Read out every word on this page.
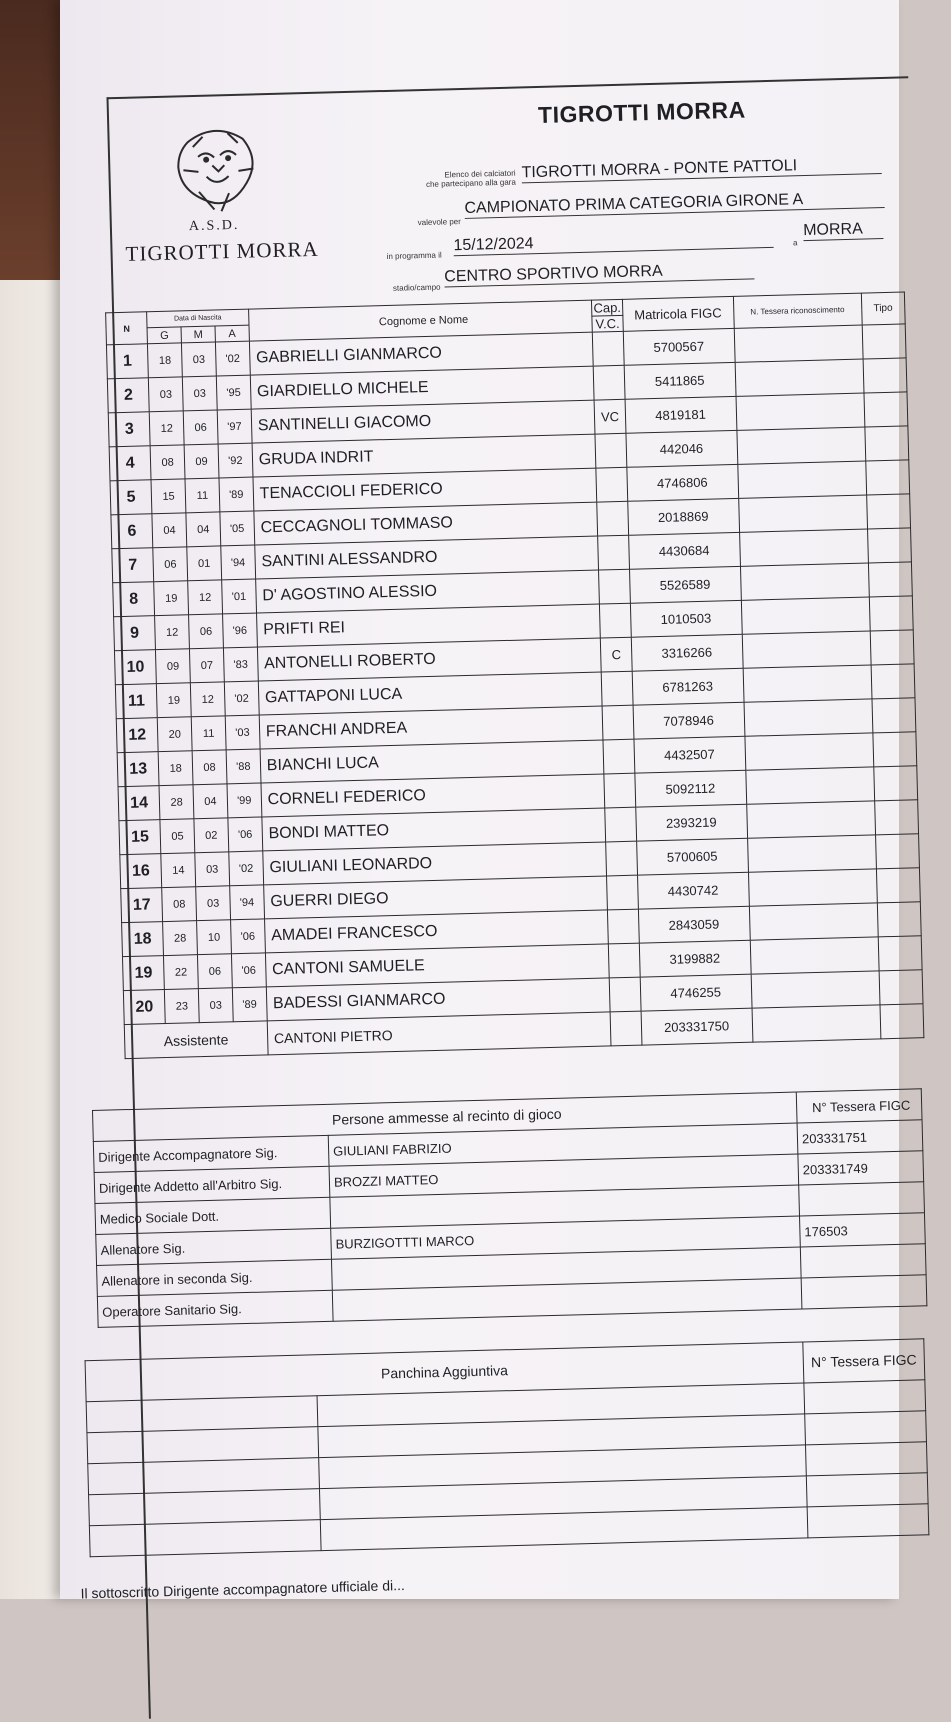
TIGROTTI MORRA
A.S.D.
TIGROTTI MORRA
Elenco dei calciatori
che partecipano alla gara
TIGROTTI MORRA - PONTE PATTOLI
valevole per
CAMPIONATO PRIMA CATEGORIA GIRONE A
in programma il
15/12/2024	a
MORRA
stadio/campo
CENTRO SPORTIVO MORRA
N	Data di Nascita			Cognome e Nome	Cap.	Matricola FIGC	N. Tessera riconoscimento	Tipo
	G	M	A		V.C.			
1	18	03	'02	GABRIELLI GIANMARCO		5700567		
2	03	03	'95	GIARDIELLO MICHELE		5411865		
3	12	06	'97	SANTINELLI GIACOMO	VC	4819181		
4	08	09	'92	GRUDA INDRIT		442046		
5	15	11	'89	TENACCIOLI FEDERICO		4746806		
6	04	04	'05	CECCAGNOLI TOMMASO		2018869		
7	06	01	'94	SANTINI ALESSANDRO		4430684		
8	19	12	'01	D' AGOSTINO ALESSIO		5526589		
9	12	06	'96	PRIFTI REI		1010503		
10	09	07	'83	ANTONELLI ROBERTO	C	3316266		
11	19	12	'02	GATTAPONI LUCA		6781263		
12	20	11	'03	FRANCHI ANDREA		7078946		
13	18	08	'88	BIANCHI LUCA		4432507		
14	28	04	'99	CORNELI FEDERICO		5092112		
15	05	02	'06	BONDI MATTEO		2393219		
16	14	03	'02	GIULIANI LEONARDO		5700605		
17	08	03	'94	GUERRI DIEGO		4430742		
18	28	10	'06	AMADEI FRANCESCO		2843059		
19	22	06	'06	CANTONI SAMUELE		3199882		
20	23	03	'89	BADESSI GIANMARCO		4746255		
Assistente				CANTONI PIETRO		203331750		
Persone ammesse al recinto di gioco		N° Tessera FIGC
Dirigente Accompagnatore Sig.	GIULIANI FABRIZIO	203331751
Dirigente Addetto all'Arbitro Sig.	BROZZI MATTEO	203331749
Medico Sociale Dott.		
Allenatore Sig.	BURZIGOTTTI MARCO	176503
Allenatore in seconda Sig.		
Operatore Sanitario Sig.		
Panchina Aggiuntiva		N° Tessera FIGC

Il sottoscritto Dirigente accompagnatore ufficiale di...
